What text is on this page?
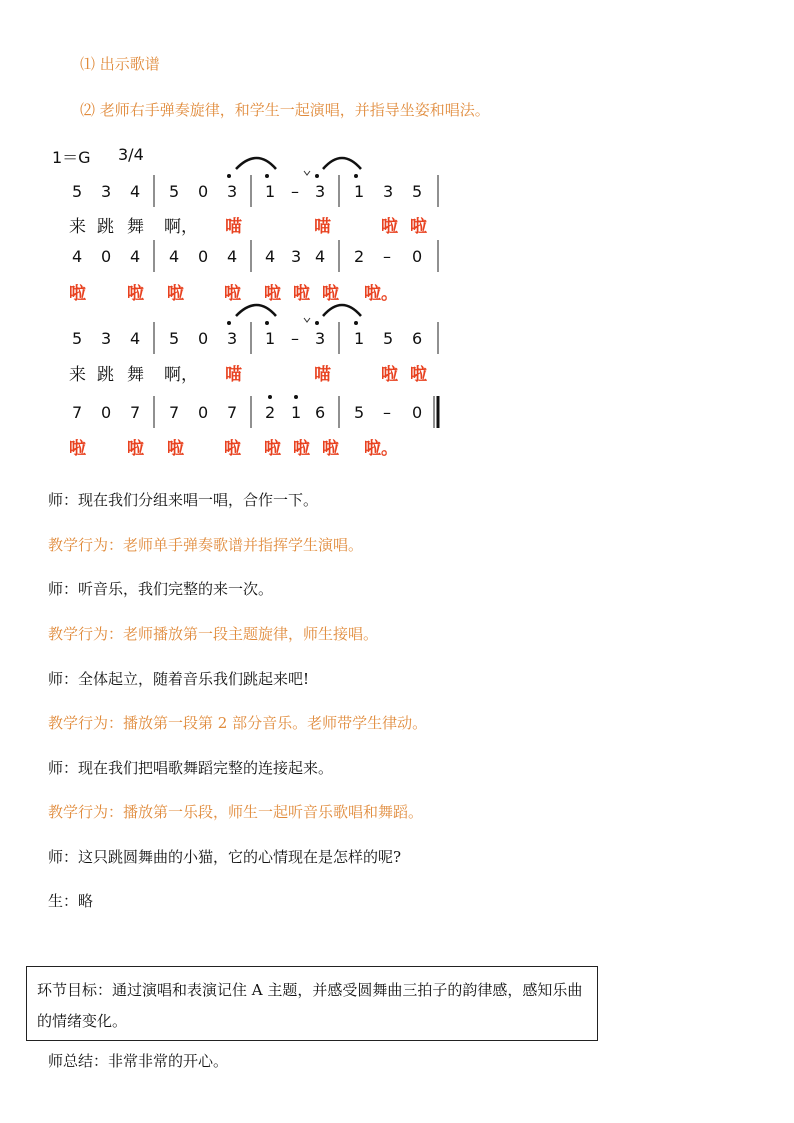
⑴ 出示歌谱
⑵ 老师右手弹奏旋律，和学生一起演唱，并指导坐姿和唱法。
1＝G 3/4
5 3 4 5 0 3 1 – 3 1 3 5
来 跳 舞 啊， 喵	喵	啦 啦
4 0 4 4 0 4 4 3 4 2 – 0
啦 啦 啦 啦 啦 啦 啦 啦。
5 3 4 5 0 3 1 – 3 1 5 6
来 跳 舞 啊， 喵	喵	啦 啦
7 0 7 7 0 7 2 1 6 5 – 0
啦 啦 啦 啦 啦 啦 啦 啦。
师：现在我们分组来唱一唱，合作一下。
教学行为：老师单手弹奏歌谱并指挥学生演唱。
师：听音乐，我们完整的来一次。
教学行为：老师播放第一段主题旋律，师生接唱。
师：全体起立，随着音乐我们跳起来吧!
教学行为：播放第一段第 2 部分音乐。老师带学生律动。
师：现在我们把唱歌舞蹈完整的连接起来。
教学行为：播放第一乐段，师生一起听音乐歌唱和舞蹈。
师：这只跳圆舞曲的小猫，它的心情现在是怎样的呢?
生：略
环节目标：通过演唱和表演记住 A 主题，并感受圆舞曲三拍子的韵律感，感知乐曲的情绪变化。
师总结：非常非常的开心。
